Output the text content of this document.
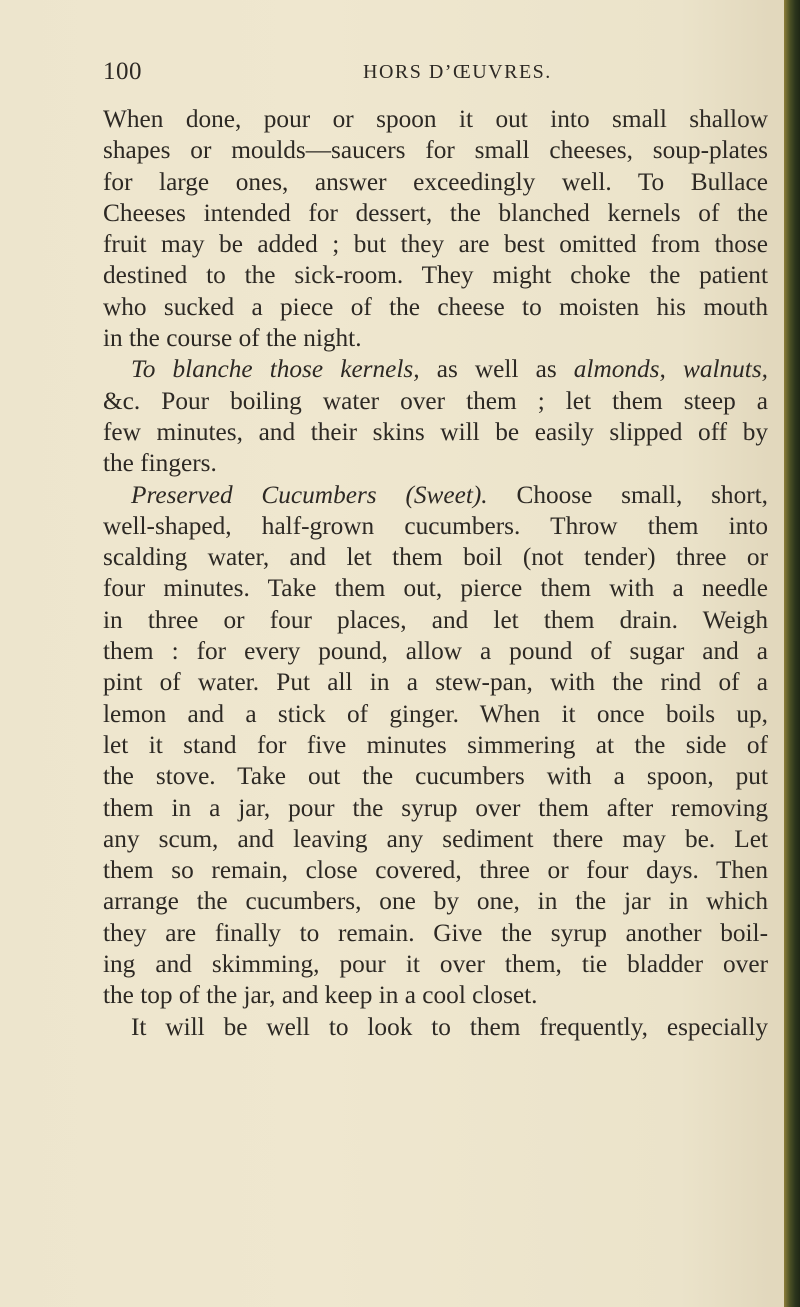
100	HORS D’ŒUVRES.
When done, pour or spoon it out into small shallow
shapes or moulds—saucers for small cheeses, soup-plates
for large ones, answer exceedingly well. To Bullace
Cheeses intended for dessert, the blanched kernels of the
fruit may be added ; but they are best omitted from those
destined to the sick-room. They might choke the patient
who sucked a piece of the cheese to moisten his mouth
in the course of the night.
To blanche those kernels, as well as almonds, walnuts,
&c. Pour boiling water over them ; let them steep a
few minutes, and their skins will be easily slipped off by
the fingers.
Preserved Cucumbers (Sweet). Choose small, short,
well-shaped, half-grown cucumbers. Throw them into
scalding water, and let them boil (not tender) three or
four minutes. Take them out, pierce them with a needle
in three or four places, and let them drain. Weigh
them : for every pound, allow a pound of sugar and a
pint of water. Put all in a stew-pan, with the rind of a
lemon and a stick of ginger. When it once boils up,
let it stand for five minutes simmering at the side of
the stove. Take out the cucumbers with a spoon, put
them in a jar, pour the syrup over them after removing
any scum, and leaving any sediment there may be. Let
them so remain, close covered, three or four days. Then
arrange the cucumbers, one by one, in the jar in which
they are finally to remain. Give the syrup another boil-
ing and skimming, pour it over them, tie bladder over
the top of the jar, and keep in a cool closet.
It will be well to look to them frequently, especially
